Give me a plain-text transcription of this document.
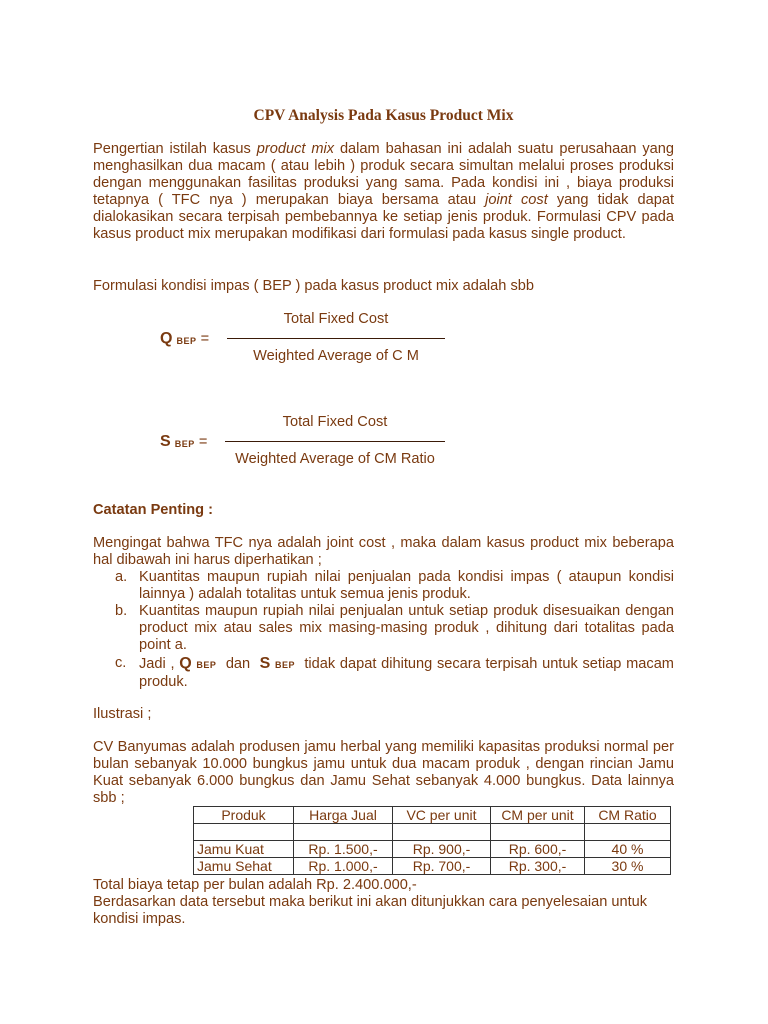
CPV Analysis Pada Kasus Product Mix

Pengertian istilah kasus product mix dalam bahasan ini adalah suatu perusahaan yang menghasilkan dua macam ( atau lebih ) produk secara simultan melalui proses produksi dengan menggunakan fasilitas produksi yang sama. Pada kondisi ini , biaya produksi tetapnya ( TFC nya ) merupakan biaya bersama atau joint cost yang tidak dapat dialokasikan secara terpisah pembebannya ke setiap jenis produk. Formulasi CPV pada kasus product mix merupakan modifikasi dari formulasi pada kasus single product.

Formulasi kondisi impas ( BEP ) pada kasus product mix adalah sbb
Q BEP =
Total Fixed Cost
Weighted Average of C M
S BEP =
Total Fixed Cost
Weighted Average of CM Ratio
Catatan Penting :
Mengingat bahwa TFC nya adalah joint cost , maka dalam kasus product mix beberapa hal dibawah ini harus diperhatikan ;
a. Kuantitas maupun rupiah nilai penjualan pada kondisi impas ( ataupun kondisi lainnya ) adalah totalitas untuk semua jenis produk.
b. Kuantitas maupun rupiah nilai penjualan untuk setiap produk disesuaikan dengan product mix atau sales mix masing-masing produk , dihitung dari totalitas pada point a.
c. Jadi , Q BEP dan S BEP tidak dapat dihitung secara terpisah untuk setiap macam produk.
Ilustrasi ;
CV Banyumas adalah produsen jamu herbal yang memiliki kapasitas produksi normal per bulan sebanyak 10.000 bungkus jamu untuk dua macam produk , dengan rincian Jamu Kuat sebanyak 6.000 bungkus dan Jamu Sehat sebanyak 4.000 bungkus. Data lainnya sbb ;
Produk	Harga Jual	VC per unit	CM per unit	CM Ratio

Jamu Kuat	Rp. 1.500,-	Rp. 900,-	Rp. 600,-	40 %
Jamu Sehat	Rp. 1.000,-	Rp. 700,-	Rp. 300,-	30 %
Total biaya tetap per bulan adalah Rp. 2.400.000,-
Berdasarkan data tersebut maka berikut ini akan ditunjukkan cara penyelesaian untuk kondisi impas.
